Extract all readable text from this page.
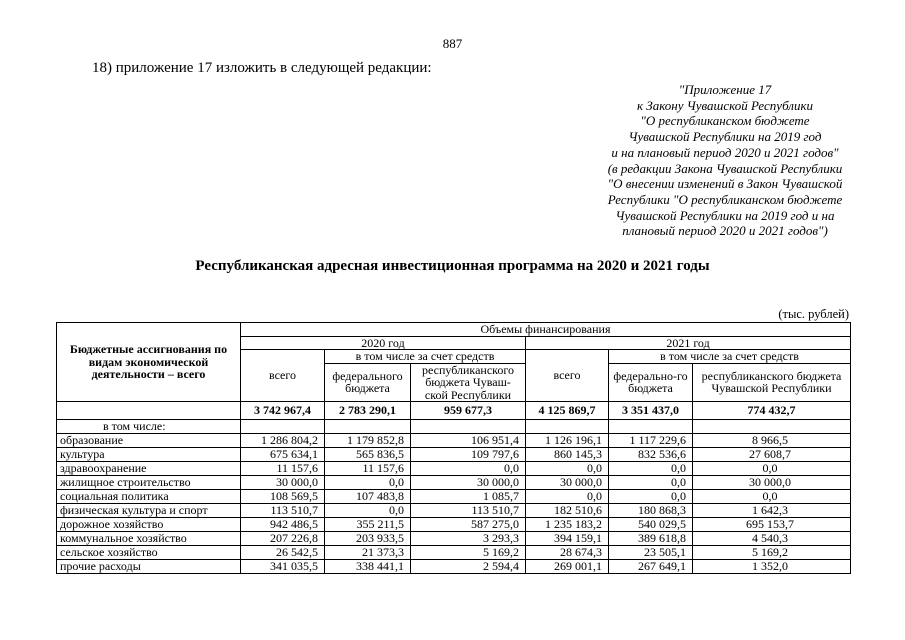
887
18) приложение 17 изложить в следующей редакции:
"Приложение 17
к Закону Чувашской Республики
"О республиканском бюджете
Чувашской Республики на 2019 год
и на плановый период 2020 и 2021 годов"
(в редакции Закона Чувашской Республики
"О внесении изменений в Закон Чувашской
Республики "О республиканском бюджете
Чувашской Республики на 2019 год и на
плановый период 2020 и 2021 годов")
Республиканская адресная инвестиционная программа на 2020 и 2021 годы
(тыс. рублей)
Бюджетные ассигнования по видам экономической деятельности – всего	Объемы финансирования					
	2020 год			2021 год		
	всего	в том числе за счет средств		всего	в том числе за счет средств	
		федерального бюджета	республиканского бюджета Чуваш-ской Республики		федерально-го бюджета	республиканского бюджета Чувашской Республики
	3 742 967,4	2 783 290,1	959 677,3	4 125 869,7	3 351 437,0	774 432,7
в том числе:						
образование	1 286 804,2	1 179 852,8	106 951,4	1 126 196,1	1 117 229,6	8 966,5
культура	675 634,1	565 836,5	109 797,6	860 145,3	832 536,6	27 608,7
здравоохранение	11 157,6	11 157,6	0,0	0,0	0,0	0,0
жилищное строительство	30 000,0	0,0	30 000,0	30 000,0	0,0	30 000,0
социальная политика	108 569,5	107 483,8	1 085,7	0,0	0,0	0,0
физическая культура и спорт	113 510,7	0,0	113 510,7	182 510,6	180 868,3	1 642,3
дорожное хозяйство	942 486,5	355 211,5	587 275,0	1 235 183,2	540 029,5	695 153,7
коммунальное хозяйство	207 226,8	203 933,5	3 293,3	394 159,1	389 618,8	4 540,3
сельское хозяйство	26 542,5	21 373,3	5 169,2	28 674,3	23 505,1	5 169,2
прочие расходы	341 035,5	338 441,1	2 594,4	269 001,1	267 649,1	1 352,0
